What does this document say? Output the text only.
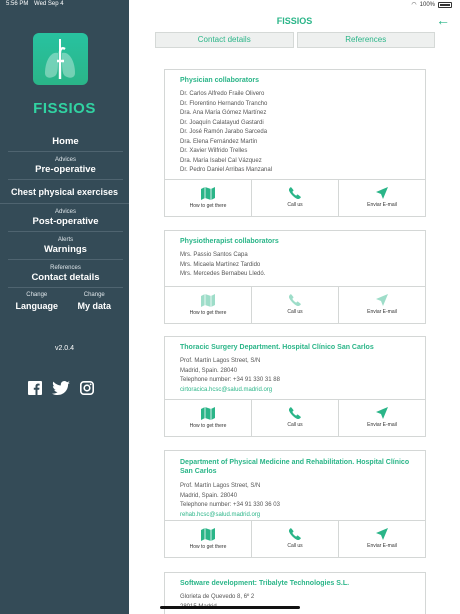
5:56 PM Wed Sep 4	◠ 100%
FISSIOS
Home
Advices
Pre-operative
Chest physical exercises
Advices
Post-operative
Alerts
Warnings
References
Contact details
Change
Language
Change
My data
v2.0.4
FISSIOS	←
Contact details	References
Physician collaborators
Dr. Carlos Alfredo Fraile Olivero
Dr. Florentino Hernando Trancho
Dra. Ana María Gómez Martínez
Dr. Joaquín Calatayud Gastardi
Dr. José Ramón Jarabo Sarceda
Dra. Elena Fernández Martín
Dr. Xavier Wilfrido Trelles
Dra. María Isabel Cal Vázquez
Dr. Pedro Daniel Arribas Manzanal
How to get there	Call us	Enviar E-mail
Physiotherapist collaborators
Mrs. Passio Santos Capa
Mrs. Micaela Martínez Tardido
Mrs. Mercedes Bernabeu Lledó.
How to get there	Call us	Enviar E-mail
Thoracic Surgery Department. Hospital Clínico San Carlos
Prof. Martín Lagos Street, S/N
Madrid, Spain. 28040
Telephone number: +34 91 330 31 88
cirtoracica.hcsc@salud.madrid.org
How to get there	Call us	Enviar E-mail
Department of Physical Medicine and Rehabilitation. Hospital Clínico San Carlos
Prof. Martín Lagos Street, S/N
Madrid, Spain. 28040
Telephone number: +34 91 330 36 03
rehab.hcsc@salud.madrid.org
How to get there	Call us	Enviar E-mail
Software development: Tribalyte Technologies S.L.
Glorieta de Quevedo 8, 6º 2
